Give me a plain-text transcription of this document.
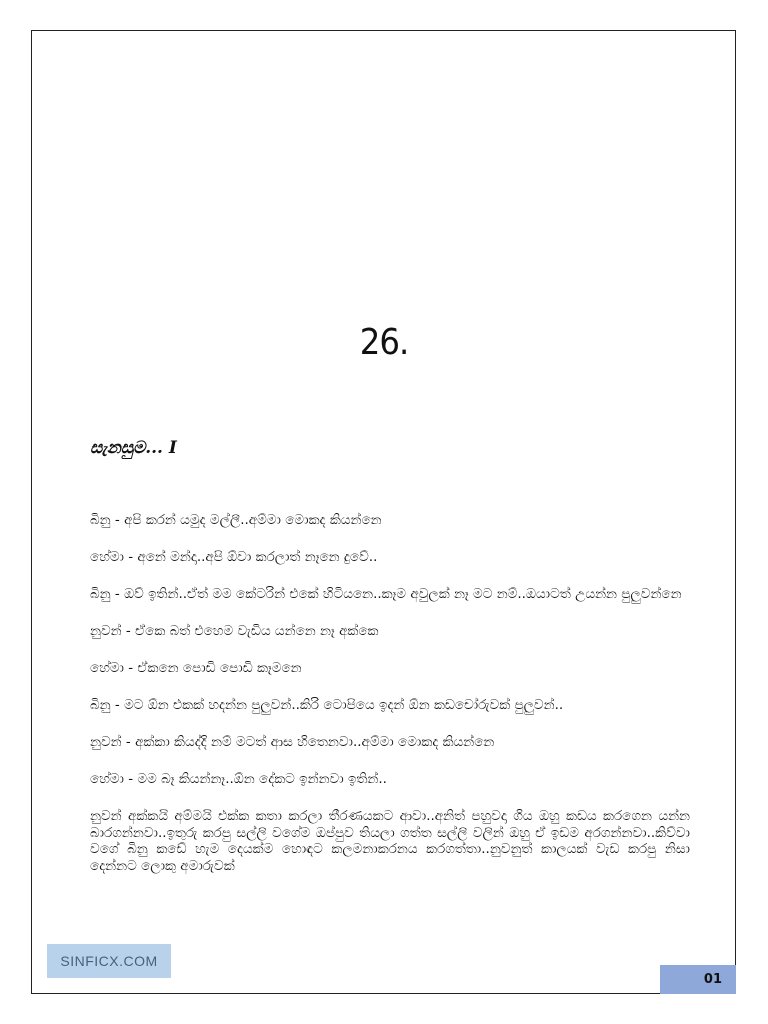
26.
සැනසුම... I

බිනු - අපි කරන් යමුද මල්ලී..අම්මා මොකද කියන්නෙ

හේමා - අනේ මන්දා..අපි ඕවා කරලාත් නෑනෙ දුවේ..

බිනු - ඔව් ඉතින්..ඒත් මම කේටරින් එකේ හිටියනෙ..කෑම අවුලක් නෑ මට නම්..ඔයාටත් උයන්න පුලුවන්නෙ

නුවන් - ඒකෙ බත් එහෙම වැඩිය යන්නෙ නෑ අක්කෙ

හේමා - ඒකනෙ පොඩි පොඩි කෑමනෙ

බිනු - මට ඕන එකක් හදන්න පුලුවන්..කිරි ටොපියෙ ඉදන් ඕන කඩචෝරුවක් පුලුවන්..

නුවන් - අක්කා කියද්දි නම් මටත් ආස හිතෙනවා..අම්මා මොකද කියන්නෙ

හේමා - මම බෑ කියන්නෑ..ඕන දේකට ඉන්නවා ඉතින්..

නුවන් අක්කයි අම්මයි එක්ක කතා කරලා තීරණයකට ආවා..අනිත් පහුවදා ගිය ඔහු කඩය කරගෙන යන්න බාරගන්නවා..ඉතුරු කරපු සල්ලි වගේම ඔප්පුව තියලා ගත්ත සල්ලි වලින් ඔහු ඒ ඉඩම අරගන්නවා..කිව්වා වගේ බිනු කඩේ හැම දෙයක්ම හොඳට කලමනාකරනය කරගත්තා..නුවනුත් කාලයක් වැඩ කරපු නිසා දෙන්නට ලොකු අමාරුවක්

SINFICX.COM
01
